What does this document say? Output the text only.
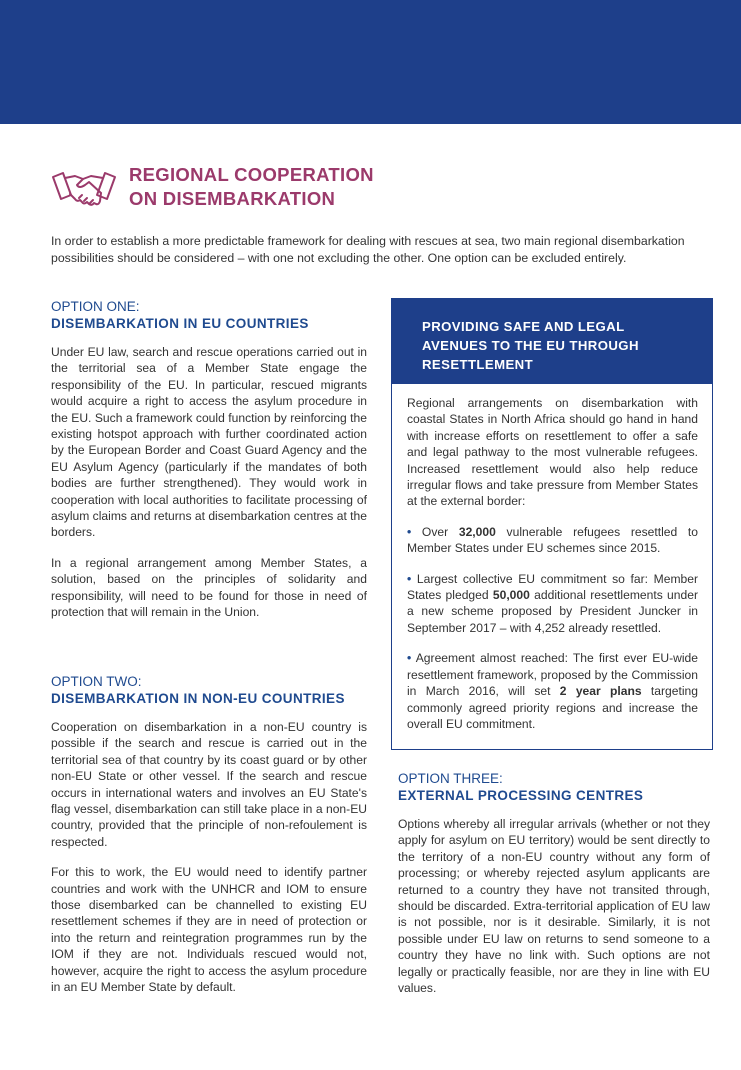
REGIONAL COOPERATION
ON DISEMBARKATION
In order to establish a more predictable framework for dealing with rescues at sea, two main regional disembarkation possibilities should be considered – with one not excluding the other. One option can be excluded entirely.
OPTION ONE:
DISEMBARKATION IN EU COUNTRIES

Under EU law, search and rescue operations carried out in the territorial sea of a Member State engage the responsibility of the EU. In particular, rescued migrants would acquire a right to access the asylum procedure in the EU. Such a framework could function by reinforcing the existing hotspot approach with further coordinated action by the European Border and Coast Guard Agency and the EU Asylum Agency (particularly if the mandates of both bodies are further strengthened). They would work in cooperation with local authorities to facilitate processing of asylum claims and returns at disembarkation centres at the borders.

In a regional arrangement among Member States, a solution, based on the principles of solidarity and responsibility, will need to be found for those in need of protection that will remain in the Union.

OPTION TWO:
DISEMBARKATION IN NON-EU COUNTRIES

Cooperation on disembarkation in a non-EU country is possible if the search and rescue is carried out in the territorial sea of that country by its coast guard or by other non-EU State or other vessel. If the search and rescue occurs in international waters and involves an EU State's flag vessel, disembarkation can still take place in a non-EU country, provided that the principle of non-refoulement is respected.

For this to work, the EU would need to identify partner countries and work with the UNHCR and IOM to ensure those disembarked can be channelled to existing EU resettlement schemes if they are in need of protection or into the return and reintegration programmes run by the IOM if they are not. Individuals rescued would not, however, acquire the right to access the asylum procedure in an EU Member State by default.

PROVIDING SAFE AND LEGAL AVENUES TO THE EU THROUGH RESETTLEMENT

Regional arrangements on disembarkation with coastal States in North Africa should go hand in hand with increase efforts on resettlement to offer a safe and legal pathway to the most vulnerable refugees. Increased resettlement would also help reduce irregular flows and take pressure from Member States at the external border:

• Over 32,000 vulnerable refugees resettled to Member States under EU schemes since 2015.

• Largest collective EU commitment so far: Member States pledged 50,000 additional resettlements under a new scheme proposed by President Juncker in September 2017 – with 4,252 already resettled.

• Agreement almost reached: The first ever EU-wide resettlement framework, proposed by the Commission in March 2016, will set 2 year plans targeting commonly agreed priority regions and increase the overall EU commitment.

OPTION THREE:
EXTERNAL PROCESSING CENTRES

Options whereby all irregular arrivals (whether or not they apply for asylum on EU territory) would be sent directly to the territory of a non-EU country without any form of processing; or whereby rejected asylum applicants are returned to a country they have not transited through, should be discarded. Extra-territorial application of EU law is not possible, nor is it desirable. Similarly, it is not possible under EU law on returns to send someone to a country they have no link with. Such options are not legally or practically feasible, nor are they in line with EU values.
